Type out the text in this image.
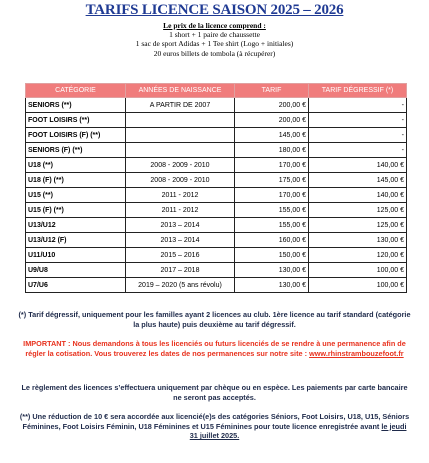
TARIFS LICENCE SAISON 2025 – 2026
Le prix de la licence comprend :
1 short + 1 paire de chaussette
1 sac de sport Adidas + 1 Tee shirt (Logo + initiales)
20 euros billets de tombola (à récupérer)
CATÉGORIE	ANNÉES DE NAISSANCE	TARIF	TARIF DÉGRESSIF (*)
SENIORS (**)	A PARTIR DE 2007	200,00 €	-
FOOT LOISIRS (**)		200,00 €	-
FOOT LOISIRS (F) (**)		145,00 €	-
SENIORS (F) (**)		180,00 €	-
U18 (**)	2008 - 2009 - 2010	170,00 €	140,00 €
U18 (F) (**)	2008 - 2009 - 2010	175,00 €	145,00 €
U15 (**)	2011 - 2012	170,00 €	140,00 €
U15 (F) (**)	2011 - 2012	155,00 €	125,00 €
U13/U12	2013 – 2014	155,00 €	125,00 €
U13/U12 (F)	2013 – 2014	160,00 €	130,00 €
U11/U10	2015 – 2016	150,00 €	120,00 €
U9/U8	2017 – 2018	130,00 €	100,00 €
U7/U6	2019 – 2020 (5 ans révolu)	130,00 €	100,00 €
(*) Tarif dégressif, uniquement pour les familles ayant 2 licences au club. 1ère licence au tarif standard (catégorie la plus haute) puis deuxième au tarif dégressif.
IMPORTANT : Nous demandons à tous les licenciés ou futurs licenciés de se rendre à une permanence afin de régler la cotisation. Vous trouverez les dates de nos permanences sur notre site : www.rhinstrambouzefoot.fr
Le règlement des licences s’effectuera uniquement par chèque ou en espèce. Les paiements par carte bancaire ne seront pas acceptés.
(**) Une réduction de 10 € sera accordée aux licencié(e)s des catégories Séniors, Foot Loisirs, U18, U15, Séniors Féminines, Foot Loisirs Féminin, U18 Féminines et U15 Féminines pour toute licence enregistrée avant le jeudi 31 juillet 2025.
